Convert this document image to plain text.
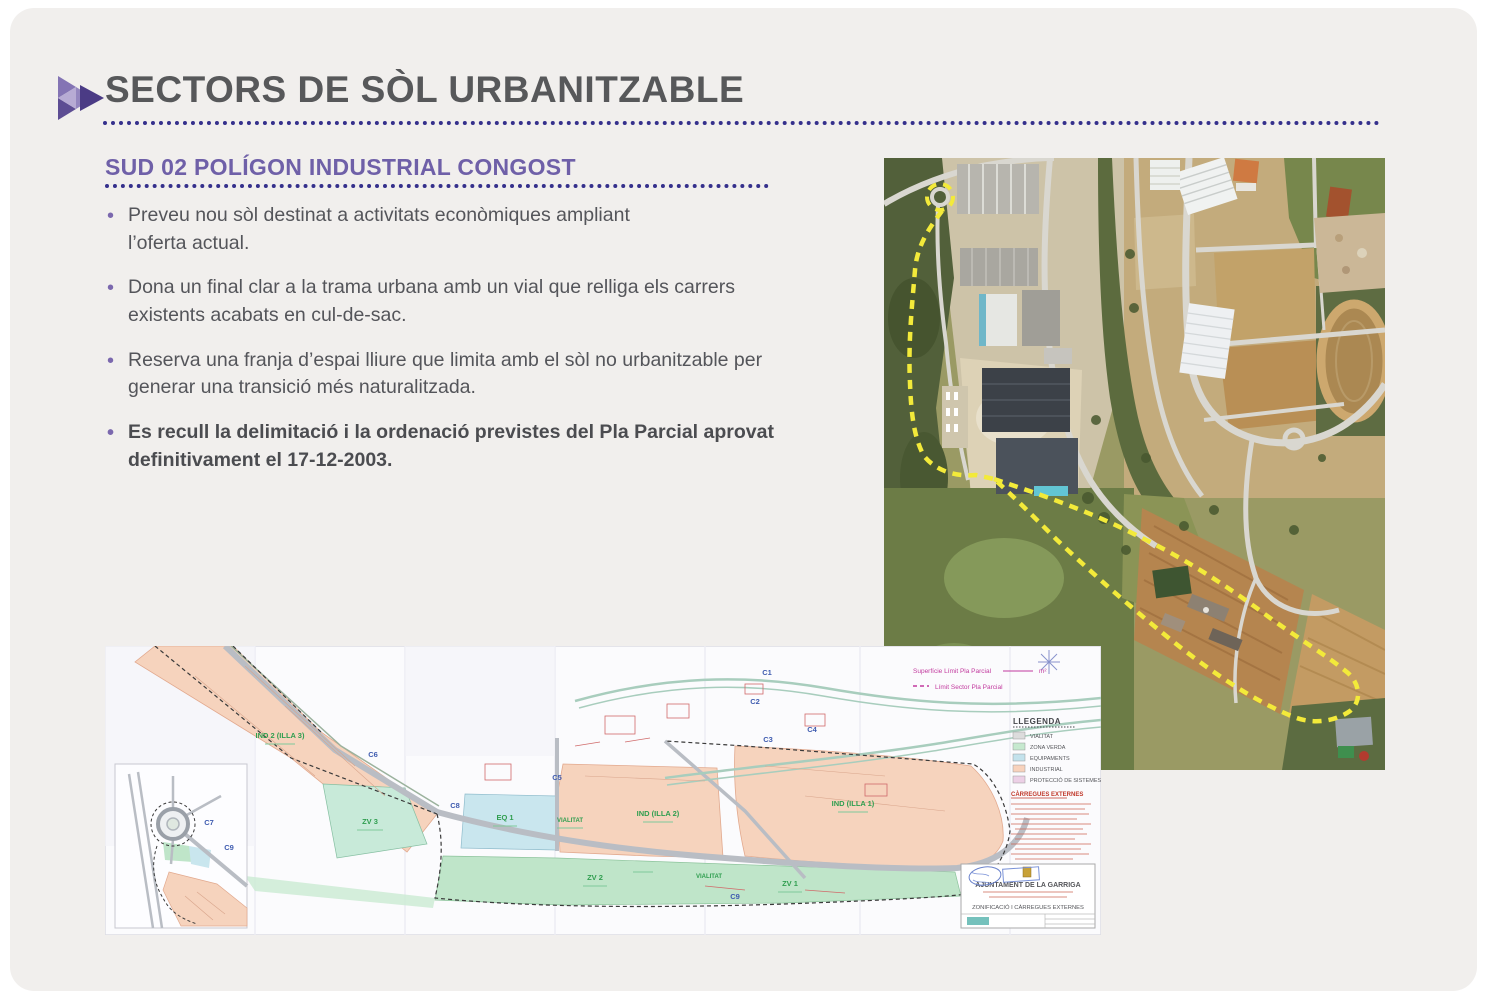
SECTORS DE SÒL URBANITZABLE
SUD 02 POLÍGON INDUSTRIAL CONGOST
• Preveu nou sòl destinat a activitats econòmiques ampliant l’oferta actual.
• Dona un final clar a la trama urbana amb un vial que relliga els carrers existents acabats en cul-de-sac.
• Reserva una franja d’espai lliure que limita amb el sòl no urbanitzable per generar una transició més naturalitzada.
• Es recull la delimitació i la ordenació previstes del Pla Parcial aprovat definitivament el 17-12-2003.
C7
C9
IND 2 (ILLA 3)
IND (ILLA 2)
IND (ILLA 1)
ZV 3
ZV 2
ZV 1
EQ 1	VIALITAT
VIALITAT
C1
C2
C3
C4
C5
C6
C8
C9
Superfície Límit Pla Parcial	m²
Límit Sector Pla Parcial
LLEGENDA
VIALITAT
ZONA VERDA
EQUIPAMENTS
INDUSTRIAL
PROTECCIÓ DE SISTEMES
CÀRREGUES EXTERNES
AJUNTAMENT DE LA GARRIGA
ZONIFICACIÓ I CÀRREGUES EXTERNES
